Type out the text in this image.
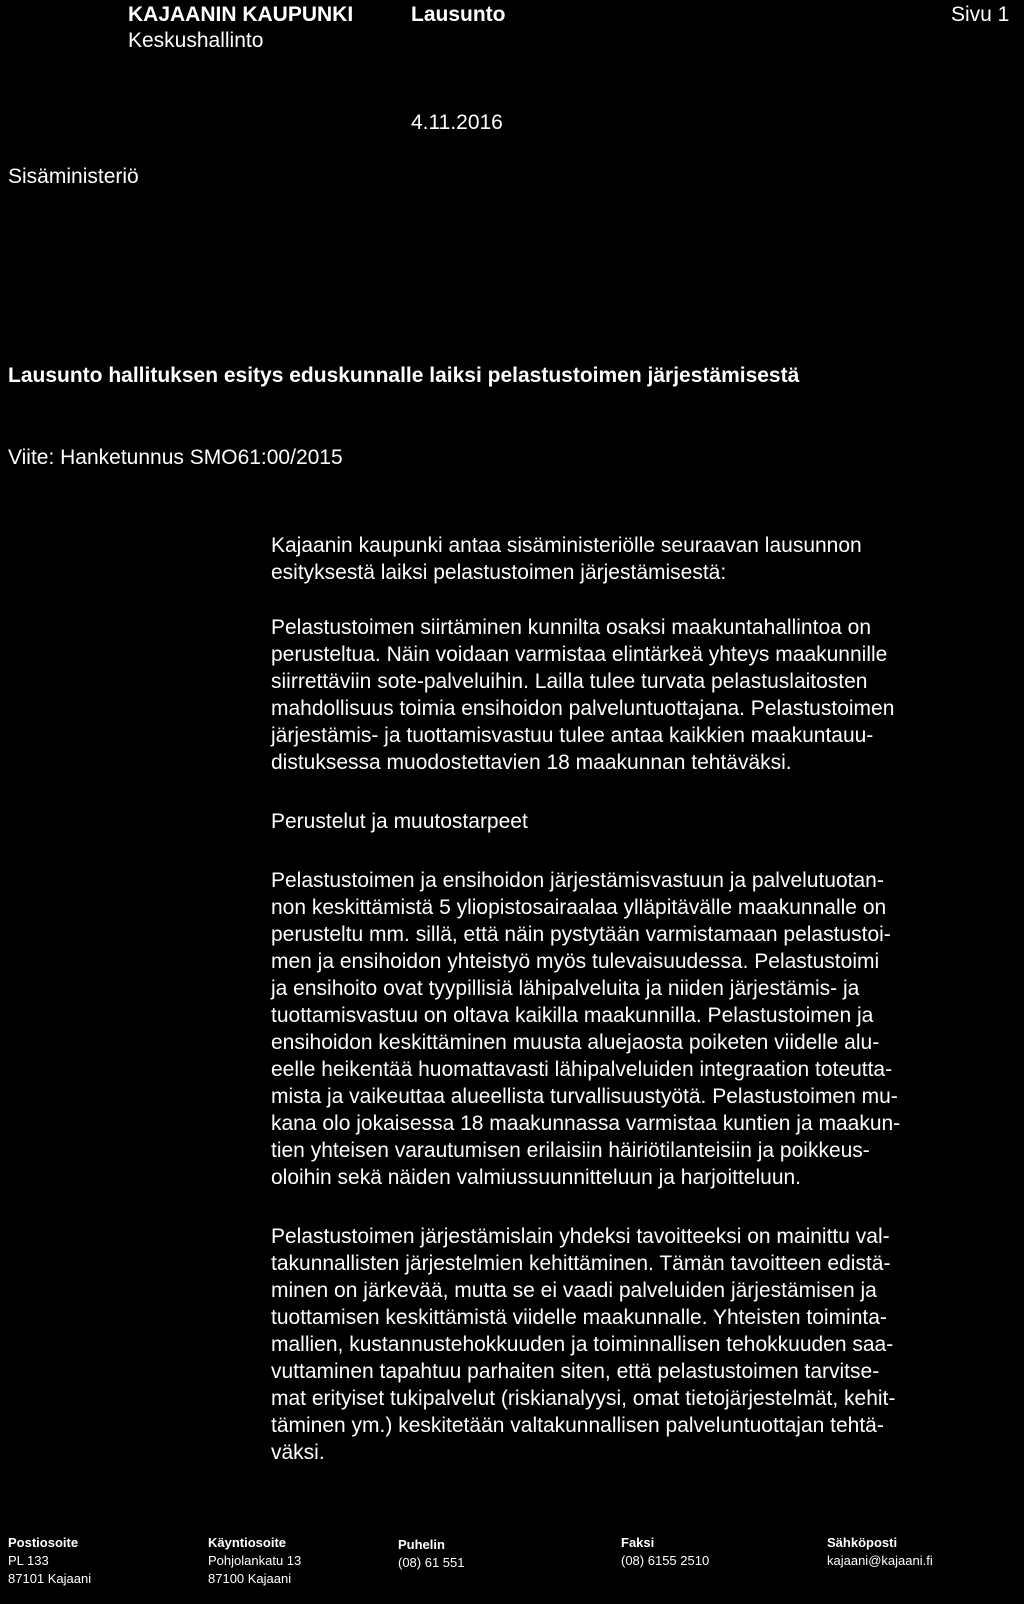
KAJAANIN KAUPUNKI
Keskushallinto
Lausunto	Sivu 1
4.11.2016
Sisäministeriö
Lausunto hallituksen esitys eduskunnalle laiksi pelastustoimen järjestämisestä
Viite: Hanketunnus SMO61:00/2015

Kajaanin kaupunki antaa sisäministeriölle seuraavan lausunnon

esityksestä laiksi pelastustoimen järjestämisestä:

Pelastustoimen siirtäminen kunnilta osaksi maakuntahallintoa on

perusteltua. Näin voidaan varmistaa elintärkeä yhteys maakunnille

siirrettäviin sote-palveluihin. Lailla tulee turvata pelastuslaitosten

mahdollisuus toimia ensihoidon palveluntuottajana. Pelastustoimen

järjestämis- ja tuottamisvastuu tulee antaa kaikkien maakuntauu-

distuksessa muodostettavien 18 maakunnan tehtäväksi.

Perustelut ja muutostarpeet

Pelastustoimen ja ensihoidon järjestämisvastuun ja palvelutuotan-

non keskittämistä 5 yliopistosairaalaa ylläpitävälle maakunnalle on

perusteltu mm. sillä, että näin pystytään varmistamaan pelastustoi-

men ja ensihoidon yhteistyö myös tulevaisuudessa. Pelastustoimi

ja ensihoito ovat tyypillisiä lähipalveluita ja niiden järjestämis- ja

tuottamisvastuu on oltava kaikilla maakunnilla. Pelastustoimen ja

ensihoidon keskittäminen muusta aluejaosta poiketen viidelle alu-

eelle heikentää huomattavasti lähipalveluiden integraation toteutta-

mista ja vaikeuttaa alueellista turvallisuustyötä. Pelastustoimen mu-

kana olo jokaisessa 18 maakunnassa varmistaa kuntien ja maakun-

tien yhteisen varautumisen erilaisiin häiriötilanteisiin ja poikkeus-

oloihin sekä näiden valmiussuunnitteluun ja harjoitteluun.

Pelastustoimen järjestämislain yhdeksi tavoitteeksi on mainittu val-

takunnallisten järjestelmien kehittäminen. Tämän tavoitteen edistä-

minen on järkevää, mutta se ei vaadi palveluiden järjestämisen ja

tuottamisen keskittämistä viidelle maakunnalle. Yhteisten toiminta-

mallien, kustannustehokkuuden ja toiminnallisen tehokkuuden saa-

vuttaminen tapahtuu parhaiten siten, että pelastustoimen tarvitse-

mat erityiset tukipalvelut (riskianalyysi, omat tietojärjestelmät, kehit-

täminen ym.) keskitetään valtakunnallisen palveluntuottajan tehtä-

väksi.

Postiosoite
PL 133
87101 Kajaani
Käyntiosoite
Pohjolankatu 13
87100 Kajaani
Puhelin
(08) 61 551
Faksi
(08) 6155 2510
Sähköposti
kajaani@kajaani.fi
